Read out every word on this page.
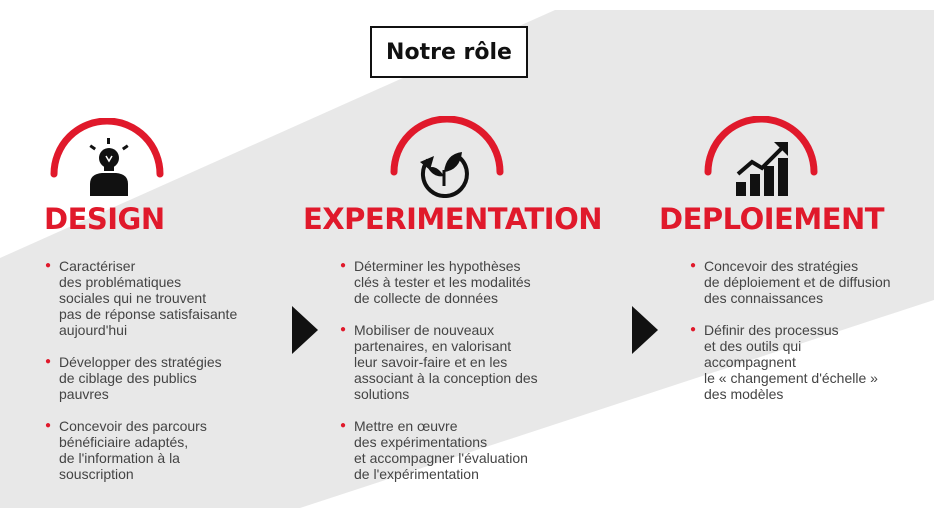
Notre rôle
DESIGN
● Caractériser
des problématiques
sociales qui ne trouvent
pas de réponse satisfaisante
aujourd'hui
● Développer des stratégies
de ciblage des publics
pauvres
● Concevoir des parcours
bénéficiaire adaptés,
de l'information à la
souscription
EXPERIMENTATION
● Déterminer les hypothèses
clés à tester et les modalités
de collecte de données
● Mobiliser de nouveaux
partenaires, en valorisant
leur savoir-faire et en les
associant à la conception des
solutions
● Mettre en œuvre
des expérimentations
et accompagner l'évaluation
de l'expérimentation
DEPLOIEMENT
● Concevoir des stratégies
de déploiement et de diffusion
des connaissances
● Définir des processus
et des outils qui
accompagnent
le « changement d'échelle »
des modèles
